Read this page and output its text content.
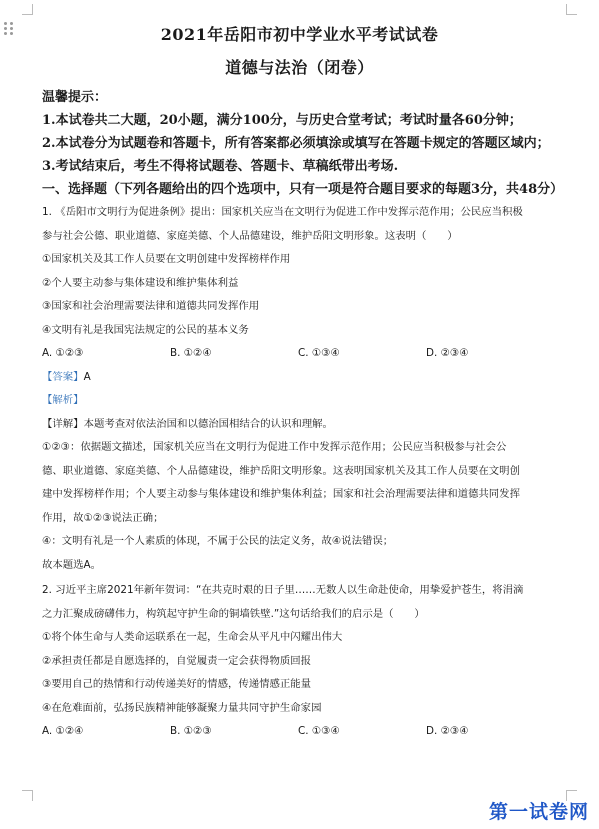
2021年岳阳市初中学业水平考试试卷
道德与法治（闭卷）
温馨提示：
1.本试卷共二大题，20小题，满分100分，与历史合堂考试；考试时量各60分钟；
2.本试卷分为试题卷和答题卡，所有答案都必须填涂或填写在答题卡规定的答题区域内；
3.考试结束后，考生不得将试题卷、答题卡、草稿纸带出考场.
一、选择题（下列各题给出的四个选项中，只有一项是符合题目要求的每题3分，共48分）
1. 《岳阳市文明行为促进条例》提出：国家机关应当在文明行为促进工作中发挥示范作用；公民应当积极
参与社会公德、职业道德、家庭美德、个人品德建设，维护岳阳文明形象。这表明（　　）
①国家机关及其工作人员要在文明创建中发挥榜样作用
②个人要主动参与集体建设和维护集体利益
③国家和社会治理需要法律和道德共同发挥作用
④文明有礼是我国宪法规定的公民的基本义务
A. ①②③	B. ①②④	C. ①③④	D. ②③④
【答案】A
【解析】
【详解】本题考查对依法治国和以德治国相结合的认识和理解。
①②③：依据题文描述，国家机关应当在文明行为促进工作中发挥示范作用；公民应当积极参与社会公
德、职业道德、家庭美德、个人品德建设，维护岳阳文明形象。这表明国家机关及其工作人员要在文明创
建中发挥榜样作用；个人要主动参与集体建设和维护集体利益；国家和社会治理需要法律和道德共同发挥
作用，故①②③说法正确；
④：文明有礼是一个人素质的体现，不属于公民的法定义务，故④说法错误；
故本题选A。
2. 习近平主席2021年新年贺词：“在共克时艰的日子里……无数人以生命赴使命，用挚爱护苍生，将涓滴
之力汇聚成磅礴伟力，构筑起守护生命的铜墙铁壁.”这句话给我们的启示是（　　）
①将个体生命与人类命运联系在一起，生命会从平凡中闪耀出伟大
②承担责任都是自愿选择的，自觉履责一定会获得物质回报
③要用自己的热情和行动传递美好的情感，传递情感正能量
④在危难面前，弘扬民族精神能够凝聚力量共同守护生命家园
A. ①②④	B. ①②③	C. ①③④	D. ②③④
第一试卷网
